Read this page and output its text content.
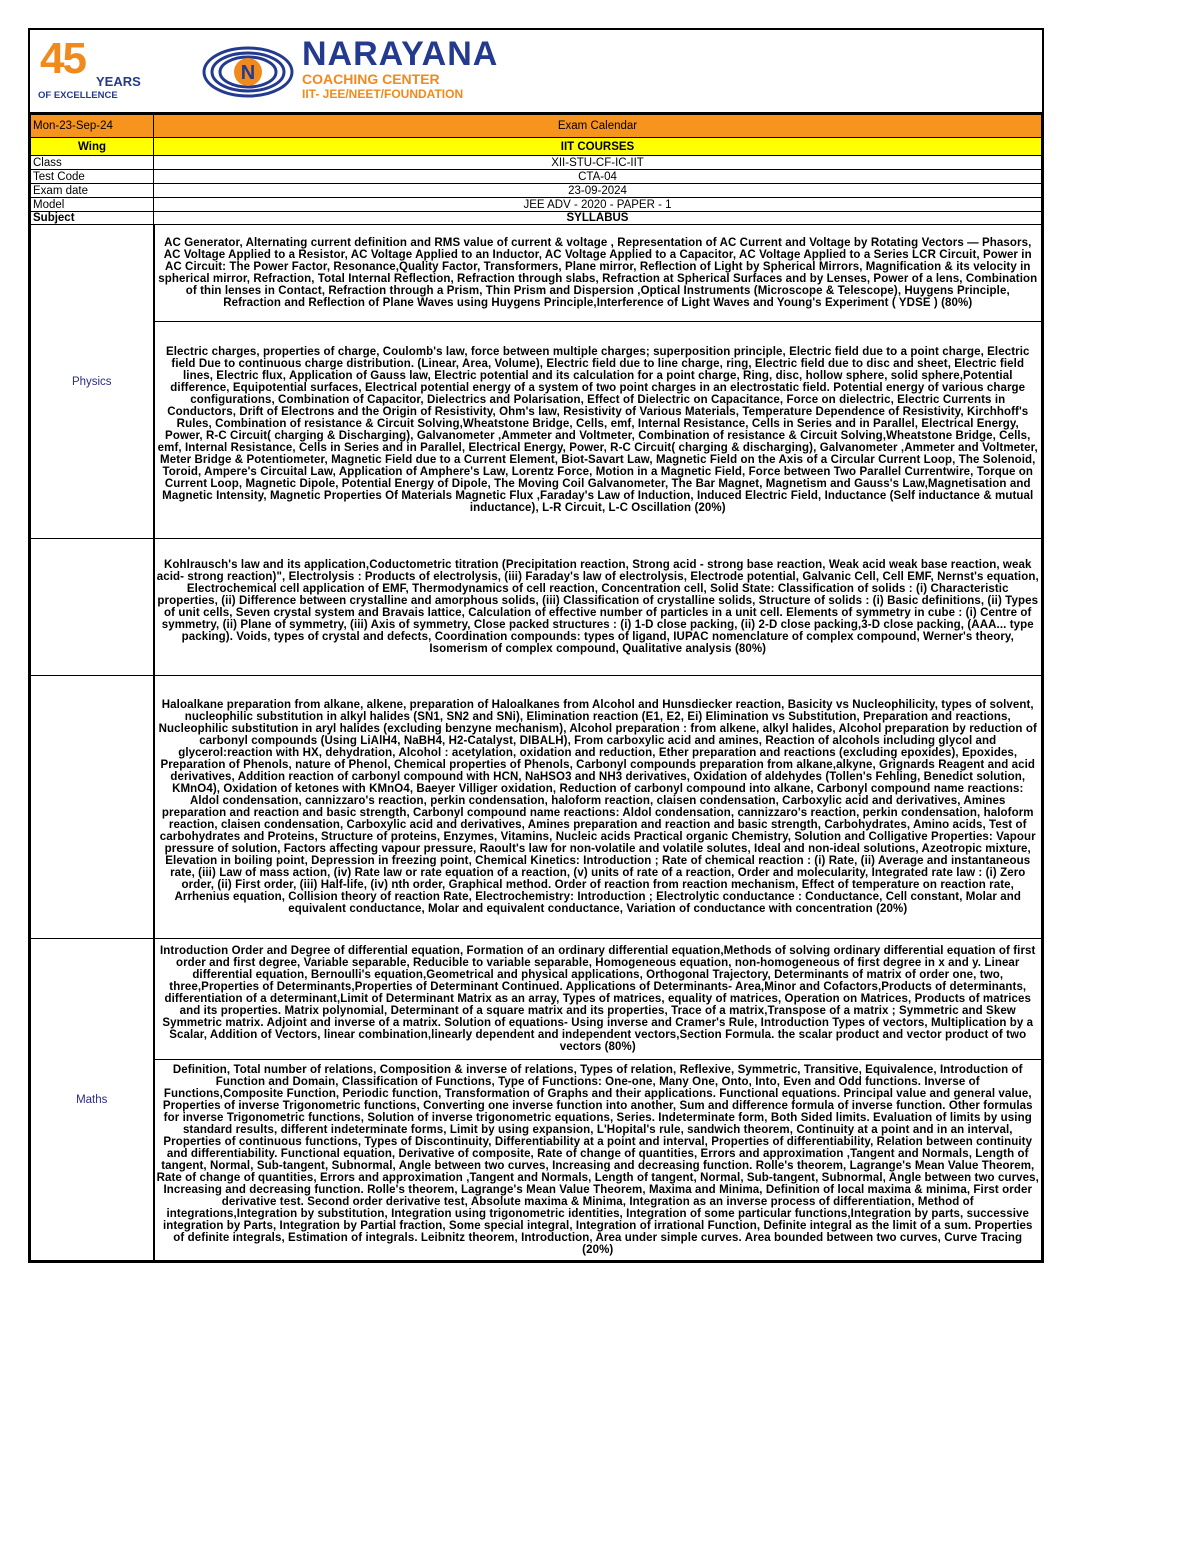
45 YEARS
OF EXCELLENCE
N NARAYANA
COACHING CENTER
IIT- JEE/NEET/FOUNDATION
Mon-23-Sep-24	Exam Calendar
Wing	IIT COURSES
Class	XII-STU-CF-IC-IIT
Test Code	CTA-04
Exam date	23-09-2024
Model	JEE ADV - 2020 - PAPER - 1
Subject	SYLLABUS
Physics	AC Generator, Alternating current definition and RMS value of current & voltage , Representation of AC Current and Voltage by Rotating Vectors — Phasors, AC Voltage Applied to a Resistor, AC Voltage Applied to an Inductor, AC Voltage Applied to a Capacitor, AC Voltage Applied to a Series LCR Circuit, Power in AC Circuit: The Power Factor, Resonance,Quality Factor, Transformers, Plane mirror, Reflection of Light by Spherical Mirrors, Magnification & its velocity in spherical mirror, Refraction, Total Internal Reflection, Refraction through slabs, Refraction at Spherical Surfaces and by Lenses, Power of a lens, Combination of thin lenses in Contact, Refraction through a Prism, Thin Prism and Dispersion ,Optical Instruments (Microscope & Telescope), Huygens Principle, Refraction and Reflection of Plane Waves using Huygens Principle,Interference of Light Waves and Young's Experiment ( YDSE ) (80%)
	Electric charges, properties of charge, Coulomb's law, force between multiple charges; superposition principle, Electric field due to a point charge, Electric field Due to continuous charge distribution. (Linear, Area, Volume), Electric field due to line charge, ring, Electric field due to disc and sheet, Electric field lines, Electric flux, Application of Gauss law, Electric potential and its calculation for a point charge, Ring, disc, hollow sphere, solid sphere,Potential difference, Equipotential surfaces, Electrical potential energy of a system of two point charges in an electrostatic field. Potential energy of various charge configurations, Combination of Capacitor, Dielectrics and Polarisation, Effect of Dielectric on Capacitance, Force on dielectric, Electric Currents in Conductors, Drift of Electrons and the Origin of Resistivity, Ohm's law, Resistivity of Various Materials, Temperature Dependence of Resistivity, Kirchhoff's Rules, Combination of resistance & Circuit Solving,Wheatstone Bridge, Cells, emf, Internal Resistance, Cells in Series and in Parallel, Electrical Energy, Power, R-C Circuit( charging & Discharging), Galvanometer ,Ammeter and Voltmeter, Combination of resistance & Circuit Solving,Wheatstone Bridge, Cells, emf, Internal Resistance, Cells in Series and in Parallel, Electrical Energy, Power, R-C Circuit( charging & discharging), Galvanometer ,Ammeter and Voltmeter, Meter Bridge & Potentiometer, Magnetic Field due to a Current Element, Biot-Savart Law, Magnetic Field on the Axis of a Circular Current Loop, The Solenoid, Toroid, Ampere's Circuital Law, Application of Amphere's Law, Lorentz Force, Motion in a Magnetic Field, Force between Two Parallel Currentwire, Torque on Current Loop, Magnetic Dipole, Potential Energy of Dipole, The Moving Coil Galvanometer, The Bar Magnet, Magnetism and Gauss's Law,Magnetisation and Magnetic Intensity, Magnetic Properties Of Materials Magnetic Flux ,Faraday's Law of Induction, Induced Electric Field, Inductance (Self inductance & mutual inductance), L-R Circuit, L-C Oscillation (20%)
	Kohlrausch's law and its application,Coductometric titration (Precipitation reaction, Strong acid - strong base reaction, Weak acid weak base reaction, weak acid- strong reaction)", Electrolysis : Products of electrolysis, (iii) Faraday's law of electrolysis, Electrode potential, Galvanic Cell, Cell EMF, Nernst's equation, Electrochemical cell application of EMF, Thermodynamics of cell reaction, Concentration cell, Solid State: Classification of solids : (i) Characteristic properties, (ii) Difference between crystalline and amorphous solids, (iii) Classification of crystalline solids, Structure of solids : (i) Basic definitions, (ii) Types of unit cells, Seven crystal system and Bravais lattice, Calculation of effective number of particles in a unit cell. Elements of symmetry in cube : (i) Centre of symmetry, (ii) Plane of symmetry, (iii) Axis of symmetry, Close packed structures : (i) 1-D close packing, (ii) 2-D close packing,3-D close packing, (AAA... type packing). Voids, types of crystal and defects, Coordination compounds: types of ligand, IUPAC nomenclature of complex compound, Werner's theory, Isomerism of complex compound, Qualitative analysis (80%)
	Haloalkane preparation from alkane, alkene, preparation of Haloalkanes from Alcohol and Hunsdiecker reaction, Basicity vs Nucleophilicity, types of solvent, nucleophilic substitution in alkyl halides (SN1, SN2 and SNi), Elimination reaction (E1, E2, Ei) Elimination vs Substitution, Preparation and reactions, Nucleophilic substitution in aryl halides (excluding benzyne mechanism), Alcohol preparation : from alkene, alkyl halides, Alcohol preparation by reduction of carbonyl compounds (Using LiAlH4, NaBH4, H2-Catalyst, DIBALH), From carboxylic acid and amines, Reaction of alcohols including glycol and glycerol:reaction with HX, dehydration, Alcohol : acetylation, oxidation and reduction, Ether preparation and reactions (excluding epoxides), Epoxides, Preparation of Phenols, nature of Phenol, Chemical properties of Phenols, Carbonyl compounds preparation from alkane,alkyne, Grignards Reagent and acid derivatives, Addition reaction of carbonyl compound with HCN, NaHSO3 and NH3 derivatives, Oxidation of aldehydes (Tollen's Fehling, Benedict solution, KMnO4), Oxidation of ketones with KMnO4, Baeyer Villiger oxidation, Reduction of carbonyl compound into alkane, Carbonyl compound name reactions: Aldol condensation, cannizzaro's reaction, perkin condensation, haloform reaction, claisen condensation, Carboxylic acid and derivatives, Amines preparation and reaction and basic strength, Carbonyl compound name reactions: Aldol condensation, cannizzaro's reaction, perkin condensation, haloform reaction, claisen condensation, Carboxylic acid and derivatives, Amines preparation and reaction and basic strength, Carbohydrates, Amino acids, Test of carbohydrates and Proteins, Structure of proteins, Enzymes, Vitamins, Nucleic acids Practical organic Chemistry, Solution and Colligative Properties: Vapour pressure of solution, Factors affecting vapour pressure, Raoult's law for non-volatile and volatile solutes, Ideal and non-ideal solutions, Azeotropic mixture, Elevation in boiling point, Depression in freezing point, Chemical Kinetics: Introduction ; Rate of chemical reaction : (i) Rate, (ii) Average and instantaneous rate, (iii) Law of mass action, (iv) Rate law or rate equation of a reaction, (v) units of rate of a reaction, Order and molecularity, Integrated rate law : (i) Zero order, (ii) First order, (iii) Half-life, (iv) nth order, Graphical method. Order of reaction from reaction mechanism, Effect of temperature on reaction rate, Arrhenius equation, Collision theory of reaction Rate, Electrochemistry: Introduction ; Electrolytic conductance : Conductance, Cell constant, Molar and equivalent conductance, Molar and equivalent conductance, Variation of conductance with concentration (20%)
Maths	Introduction Order and Degree of differential equation, Formation of an ordinary differential equation,Methods of solving ordinary differential equation of first order and first degree, Variable separable, Reducible to variable separable, Homogeneous equation, non-homogeneous of first degree in x and y. Linear differential equation, Bernoulli's equation,Geometrical and physical applications, Orthogonal Trajectory, Determinants of matrix of order one, two, three,Properties of Determinants,Properties of Determinant Continued. Applications of Determinants- Area,Minor and Cofactors,Products of determinants, differentiation of a determinant,Limit of Determinant Matrix as an array, Types of matrices, equality of matrices, Operation on Matrices, Products of matrices and its properties. Matrix polynomial, Determinant of a square matrix and its properties, Trace of a matrix,Transpose of a matrix ; Symmetric and Skew Symmetric matrix. Adjoint and inverse of a matrix. Solution of equations- Using inverse and Cramer's Rule, Introduction Types of vectors, Multiplication by a Scalar, Addition of Vectors, linear combination,linearly dependent and independent vectors,Section Formula. the scalar product and vector product of two vectors (80%)
	Definition, Total number of relations, Composition & inverse of relations, Types of relation, Reflexive, Symmetric, Transitive, Equivalence, Introduction of Function and Domain, Classification of Functions, Type of Functions: One-one, Many One, Onto, Into, Even and Odd functions. Inverse of Functions,Composite Function, Periodic function, Transformation of Graphs and their applications. Functional equations. Principal value and general value, Properties of inverse Trigonometric functions, Converting one inverse function into another, Sum and difference formula of inverse function. Other formulas for inverse Trigonometric functions, Solution of inverse trigonometric equations, Series. Indeterminate form, Both Sided limits. Evaluation of limits by using standard results, different indeterminate forms, Limit by using expansion, L'Hopital's rule, sandwich theorem, Continuity at a point and in an interval, Properties of continuous functions, Types of Discontinuity, Differentiability at a point and interval, Properties of differentiability, Relation between continuity and differentiability. Functional equation, Derivative of composite, Rate of change of quantities, Errors and approximation ,Tangent and Normals, Length of tangent, Normal, Sub-tangent, Subnormal, Angle between two curves, Increasing and decreasing function. Rolle's theorem, Lagrange's Mean Value Theorem, Rate of change of quantities, Errors and approximation ,Tangent and Normals, Length of tangent, Normal, Sub-tangent, Subnormal, Angle between two curves, Increasing and decreasing function. Rolle's theorem, Lagrange's Mean Value Theorem, Maxima and Minima, Definition of local maxima & minima, First order derivative test. Second order derivative test, Absolute maxima & Minima, Integration as an inverse process of differentiation, Method of integrations,Integration by substitution, Integration using trigonometric identities, Integration of some particular functions,Integration by parts, successive integration by Parts, Integration by Partial fraction, Some special integral, Integration of irrational Function, Definite integral as the limit of a sum. Properties of definite integrals, Estimation of integrals. Leibnitz theorem, Introduction, Area under simple curves. Area bounded between two curves, Curve Tracing (20%)
